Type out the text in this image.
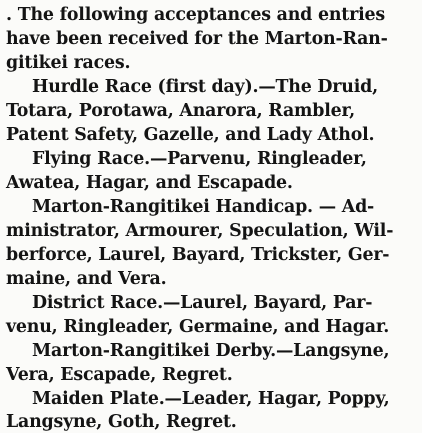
. The following acceptances and entries
have been received for the Marton-Ran-
gitikei races.
Hurdle Race (first day).—The Druid,
Totara, Porotawa, Anarora, Rambler,
Patent Safety, Gazelle, and Lady Athol.
Flying Race.—Parvenu, Ringleader,
Awatea, Hagar, and Escapade.
Marton-Rangitikei Handicap. — Ad-
ministrator, Armourer, Speculation, Wil-
berforce, Laurel, Bayard, Trickster, Ger-
maine, and Vera.
District Race.—Laurel, Bayard, Par-
venu, Ringleader, Germaine, and Hagar.
Marton-Rangitikei Derby.—Langsyne,
Vera, Escapade, Regret.
Maiden Plate.—Leader, Hagar, Poppy,
Langsyne, Goth, Regret.
